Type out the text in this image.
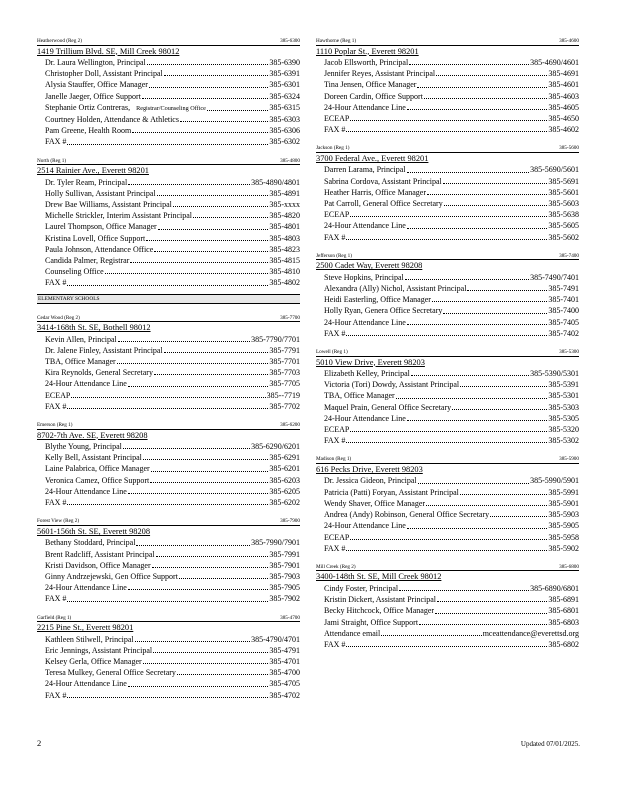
Heatherwood (Reg 2)	385-6300
1419 Trillium Blvd. SE, Mill Creek 98012
Dr. Laura Wellington, Principal	385-6390
Christopher Doll, Assistant Principal	385-6391
Alysia Stauffer, Office Manager	385-6301
Janelle Jaeger, Office Support	385-6324
Stephanie Ortiz Contreras, Registrar/Counseling Office	385-6315
Courtney Holden, Attendance & Athletics	385-6303
Pam Greene, Health Room	385-6306
FAX #	385-6302
North (Reg 1)	385-4800
2514 Rainier Ave., Everett 98201
Dr. Tyler Ream, Principal	385-4890/4801
Holly Sullivan, Assistant Principal	385-4891
Drew Bae Williams, Assistant Principal	385-xxxx
Michelle Strickler, Interim Assistant Principal	385-4820
Laurel Thompson, Office Manager	385-4801
Kristina Lovell, Office Support	385-4803
Paula Johnson, Attendance Office	385-4823
Candida Palmer, Registrar	385-4815
Counseling Office	385-4810
FAX #	385-4802
ELEMENTARY SCHOOLS
Cedar Wood (Reg 2)	385-7700
3414-168th St. SE, Bothell 98012
Kevin Allen, Principal	385-7790/7701
Dr. Jalene Finley, Assistant Principal	385-7791
TBA, Office Manager	385-7701
Kira Reynolds, General Secretary	385-7703
24-Hour Attendance Line	385-7705
ECEAP	385--7719
FAX #	385-7702
Emerson (Reg 1)	385-6200
8702-7th Ave. SE, Everett 98208
Blythe Young, Principal	385-6290/6201
Kelly Bell, Assistant Principal	385-6291
Laine Palabrica, Office Manager	385-6201
Veronica Camez, Office Support	385-6203
24-Hour Attendance Line	385-6205
FAX #	385-6202
Forest View (Reg 2)	385-7900
5601-156th St. SE, Everett 98208
Bethany Stoddard, Principal	385-7990/7901
Brent Radcliff, Assistant Principal	385-7991
Kristi Davidson, Office Manager	385-7901
Ginny Andrzejewski, Gen Office Support	385-7903
24-Hour Attendance Line	385-7905
FAX #	385-7902
Garfield (Reg 1)	385-4700
2215 Pine St., Everett 98201
Kathleen Stilwell, Principal	385-4790/4701
Eric Jennings, Assistant Principal	385-4791
Kelsey Gerla, Office Manager	385-4701
Teresa Mulkey, General Office Secretary	385-4700
24-Hour Attendance Line	385-4705
FAX #	385-4702
Hawthorne (Reg 1)	385-4600
1110 Poplar St., Everett 98201
Jacob Ellsworth, Principal	385-4690/4601
Jennifer Reyes, Assistant Principal	385-4691
Tina Jensen, Office Manager	385-4601
Doreen Cardin, Office Support	385-4603
24-Hour Attendance Line	385-4605
ECEAP	385-4650
FAX #	385-4602
Jackson (Reg 1)	385-5600
3700 Federal Ave., Everett 98201
Darren Larama, Principal	385-5690/5601
Sabrina Cordova, Assistant Principal	385-5691
Heather Harris, Office Manager	385-5601
Pat Carroll, General Office Secretary	385-5603
ECEAP	385-5638
24-Hour Attendance Line	385-5605
FAX #	385-5602
Jefferson (Reg 1)	385-7400
2500 Cadet Way, Everett 98208
Steve Hopkins, Principal	385-7490/7401
Alexandra (Ally) Nichol, Assistant Principal	385-7491
Heidi Easterling, Office Manager	385-7401
Holly Ryan, Genera Office Secretary	385-7400
24-Hour Attendance Line	385-7405
FAX #	385-7402
Lowell (Reg 1)	385-5300
5010 View Drive, Everett 98203
Elizabeth Kelley, Principal	385-5390/5301
Victoria (Tori) Dowdy, Assistant Principal	385-5391
TBA, Office Manager	385-5301
Maquel Prain, General Office Secretary	385-5303
24-Hour Attendance Line	385-5305
ECEAP	385-5320
FAX #	385-5302
Madison (Reg 1)	385-5900
616 Pecks Drive, Everett 98203
Dr. Jessica Gideon, Principal	385-5990/5901
Patricia (Patti) Foryan, Assistant Principal	385-5991
Wendy Shaver, Office Manager	385-5901
Andrea (Andy) Robinson, General Office Secretary	385-5903
24-Hour Attendance Line	385-5905
ECEAP	385-5958
FAX #	385-5902
Mill Creek (Reg 2)	385-6800
3400-148th St. SE, Mill Creek 98012
Cindy Foster, Principal	385-6890/6801
Kristin Dickert, Assistant Principal	385-6891
Becky Hitchcock, Office Manager	385-6801
Jami Straight, Office Support	385-6803
Attendance email	mceattendance@everettsd.org
FAX #	385-6802
2	Updated 07/01/2025.
